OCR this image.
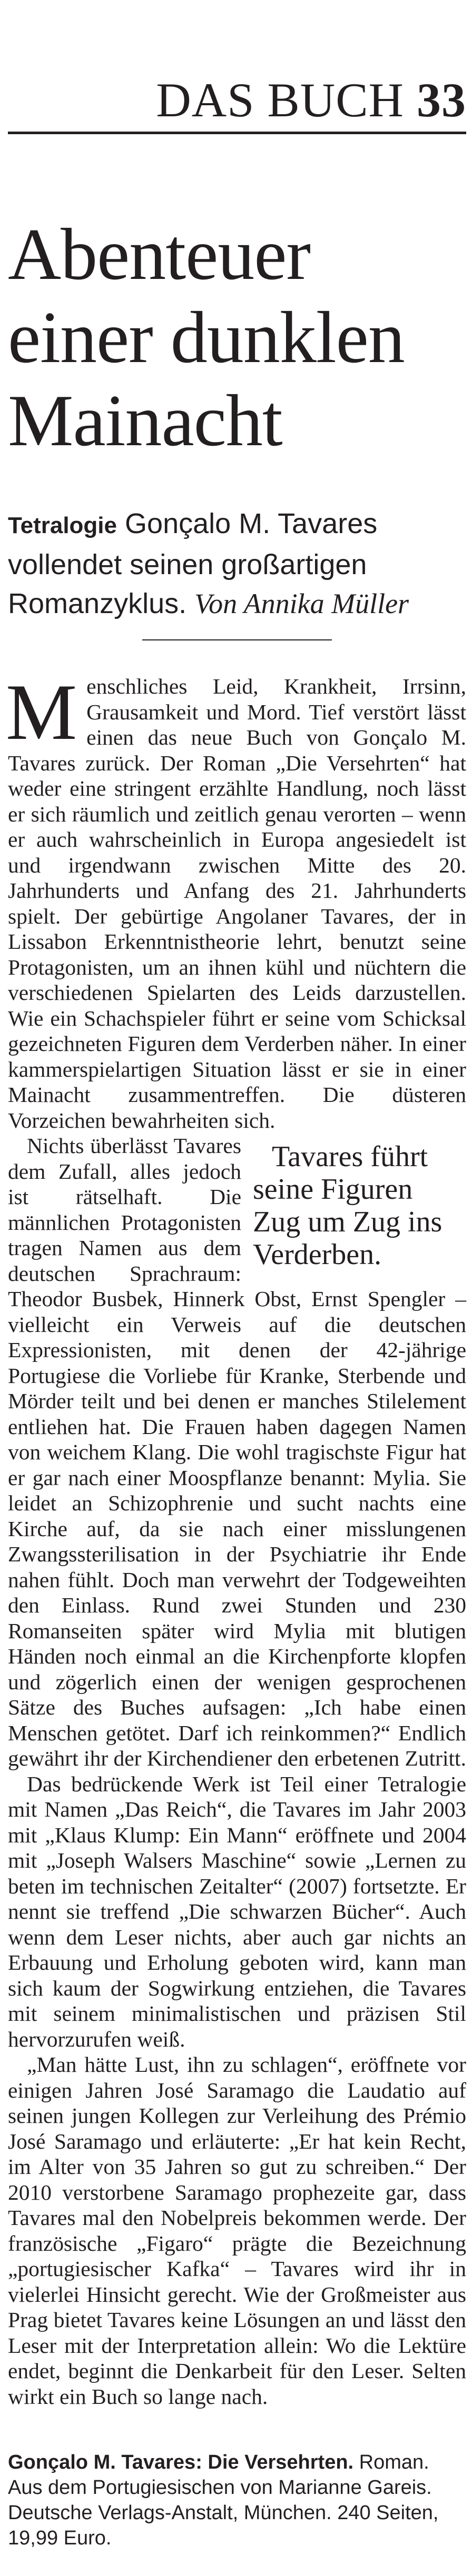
DAS BUCH 33
Abenteuer einer dunklen Mainacht
Tetralogie Gonçalo M. Tavares vollendet seinen großartigen Romanzyklus. Von Annika Müller

Menschliches Leid, Krankheit, Irrsinn, Grausamkeit und Mord. Tief verstört lässt einen das neue Buch von Gonçalo M. Tavares zurück. Der Roman „Die Versehrten“ hat weder eine stringent erzählte Handlung, noch lässt er sich räumlich und zeitlich genau verorten – wenn er auch wahrscheinlich in Europa angesiedelt ist und irgendwann zwischen Mitte des 20. Jahrhunderts und Anfang des 21. Jahrhunderts spielt. Der gebürtige Angolaner Tavares, der in Lissabon Erkenntnistheorie lehrt, benutzt seine Protagonisten, um an ihnen kühl und nüchtern die verschiedenen Spielarten des Leids darzustellen. Wie ein Schachspieler führt er seine vom Schicksal gezeichneten Figuren dem Verderben näher. In einer kammerspielartigen Situation lässt er sie in einer Mainacht zusammentreffen. Die düsteren Vorzeichen bewahrheiten sich.

Tavares führt seine Figuren Zug um Zug ins Verderben.
Nichts überlässt Tavares dem Zufall, alles jedoch ist rätselhaft. Die männlichen Protagonisten tragen Namen aus dem deutschen Sprachraum: Theodor Busbek, Hinnerk Obst, Ernst Spengler – vielleicht ein Verweis auf die deutschen Expressionisten, mit denen der 42-jährige Portugiese die Vorliebe für Kranke, Sterbende und Mörder teilt und bei denen er manches Stilelement entliehen hat. Die Frauen haben dagegen Namen von weichem Klang. Die wohl tragischste Figur hat er gar nach einer Moospflanze benannt: Mylia. Sie leidet an Schizophrenie und sucht nachts eine Kirche auf, da sie nach einer misslungenen Zwangssterilisation in der Psychiatrie ihr Ende nahen fühlt. Doch man verwehrt der Todgeweihten den Einlass. Rund zwei Stunden und 230 Romanseiten später wird Mylia mit blutigen Händen noch einmal an die Kirchenpforte klopfen und zögerlich einen der wenigen gesprochenen Sätze des Buches aufsagen: „Ich habe einen Menschen getötet. Darf ich reinkommen?“ Endlich gewährt ihr der Kirchendiener den erbetenen Zutritt.

Das bedrückende Werk ist Teil einer Tetralogie mit Namen „Das Reich“, die Tavares im Jahr 2003 mit „Klaus Klump: Ein Mann“ eröffnete und 2004 mit „Joseph Walsers Maschine“ sowie „Lernen zu beten im technischen Zeitalter“ (2007) fortsetzte. Er nennt sie treffend „Die schwarzen Bücher“. Auch wenn dem Leser nichts, aber auch gar nichts an Erbauung und Erholung geboten wird, kann man sich kaum der Sogwirkung entziehen, die Tavares mit seinem minimalistischen und präzisen Stil hervorzurufen weiß.

„Man hätte Lust, ihn zu schlagen“, eröffnete vor einigen Jahren José Saramago die Laudatio auf seinen jungen Kollegen zur Verleihung des Prémio José Saramago und erläuterte: „Er hat kein Recht, im Alter von 35 Jahren so gut zu schreiben.“ Der 2010 verstorbene Saramago prophezeite gar, dass Tavares mal den Nobelpreis bekommen werde. Der französische „Figaro“ prägte die Bezeichnung „portugiesischer Kafka“ – Tavares wird ihr in vielerlei Hinsicht gerecht. Wie der Großmeister aus Prag bietet Tavares keine Lösungen an und lässt den Leser mit der Interpretation allein: Wo die Lektüre endet, beginnt die Denkarbeit für den Leser. Selten wirkt ein Buch so lange nach.

Gonçalo M. Tavares: Die Versehrten. Roman. Aus dem Portugiesischen von Marianne Gareis. Deutsche Verlags-Anstalt, München. 240 Seiten, 19,99 Euro.
